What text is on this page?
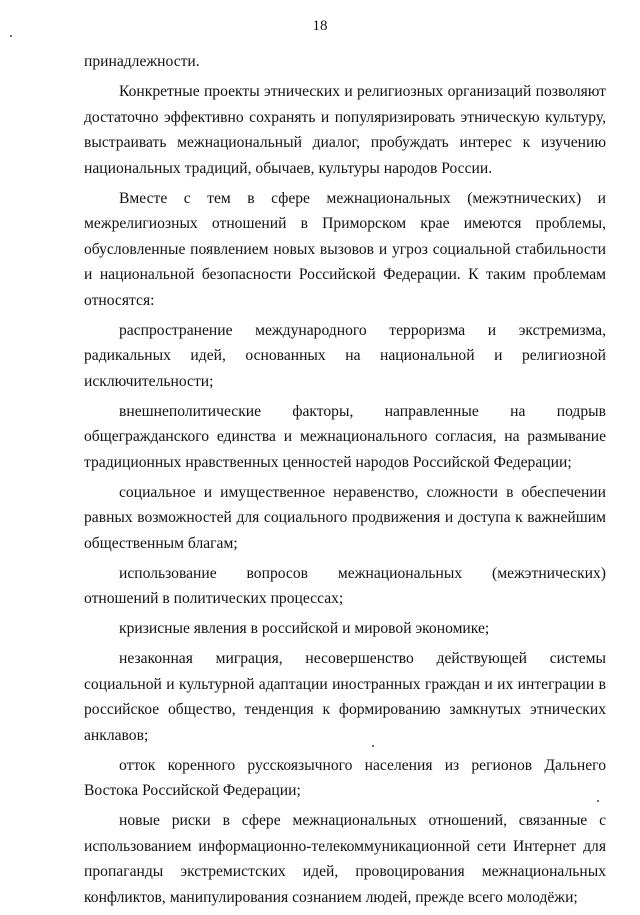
18

принадлежности.

Конкретные проекты этнических и религиозных организаций позволяют достаточно эффективно сохранять и популяризировать этническую культуру, выстраивать межнациональный диалог, пробуждать интерес к изучению национальных традиций, обычаев, культуры народов России.

Вместе с тем в сфере межнациональных (межэтнических) и межрелигиозных отношений в Приморском крае имеются проблемы, обусловленные появлением новых вызовов и угроз социальной стабильности и национальной безопасности Российской Федерации. К таким проблемам относятся:

распространение международного терроризма и экстремизма, радикальных идей, основанных на национальной и религиозной исключительности;

внешнеполитические факторы, направленные на подрыв общегражданского единства и межнационального согласия, на размывание традиционных нравственных ценностей народов Российской Федерации;

социальное и имущественное неравенство, сложности в обеспечении равных возможностей для социального продвижения и доступа к важнейшим общественным благам;

использование вопросов межнациональных (межэтнических) отношений в политических процессах;

кризисные явления в российской и мировой экономике;

незаконная миграция, несовершенство действующей системы социальной и культурной адаптации иностранных граждан и их интеграции в российское общество, тенденция к формированию замкнутых этнических анклавов;

отток коренного русскоязычного населения из регионов Дальнего Востока Российской Федерации;

новые риски в сфере межнациональных отношений, связанные с использованием информационно-телекоммуникационной сети Интернет для пропаганды экстремистских идей, провоцирования межнациональных конфликтов, манипулирования сознанием людей, прежде всего молодёжи;
